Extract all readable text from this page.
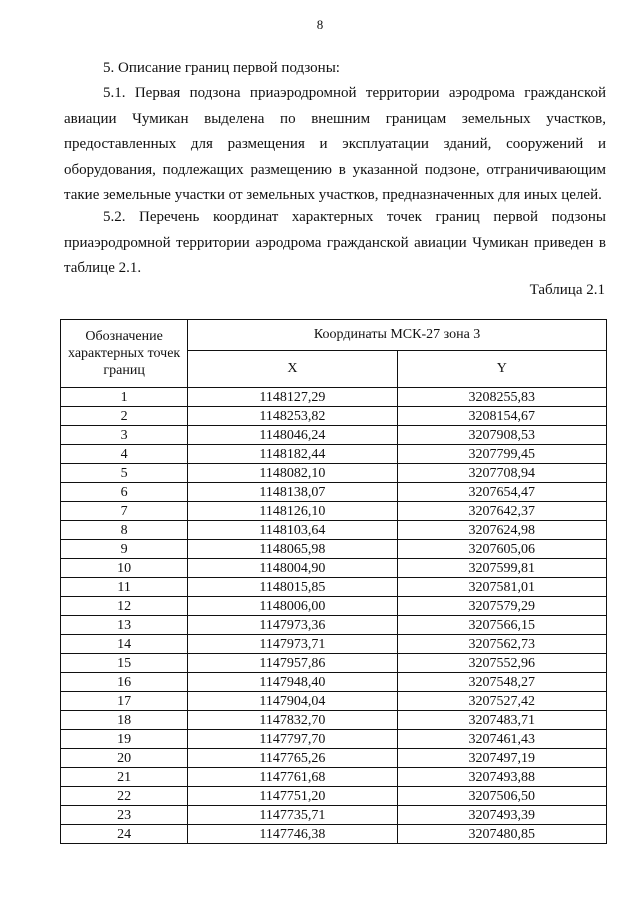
8
5. Описание границ первой подзоны:

5.1. Первая подзона приаэродромной территории аэродрома гражданской авиации Чумикан выделена по внешним границам земельных участков, предоставленных для размещения и эксплуатации зданий, сооружений и оборудования, подлежащих размещению в указанной подзоне, отграничивающим такие земельные участки от земельных участков, предназначенных для иных целей.

5.2. Перечень координат характерных точек границ первой подзоны приаэродромной территории аэродрома гражданской авиации Чумикан приведен в таблице 2.1.

Таблица 2.1
Обозначение характерных точек границ	Координаты МСК-27 зона 3	
	X	Y
1	1148127,29	3208255,83
2	1148253,82	3208154,67
3	1148046,24	3207908,53
4	1148182,44	3207799,45
5	1148082,10	3207708,94
6	1148138,07	3207654,47
7	1148126,10	3207642,37
8	1148103,64	3207624,98
9	1148065,98	3207605,06
10	1148004,90	3207599,81
11	1148015,85	3207581,01
12	1148006,00	3207579,29
13	1147973,36	3207566,15
14	1147973,71	3207562,73
15	1147957,86	3207552,96
16	1147948,40	3207548,27
17	1147904,04	3207527,42
18	1147832,70	3207483,71
19	1147797,70	3207461,43
20	1147765,26	3207497,19
21	1147761,68	3207493,88
22	1147751,20	3207506,50
23	1147735,71	3207493,39
24	1147746,38	3207480,85
